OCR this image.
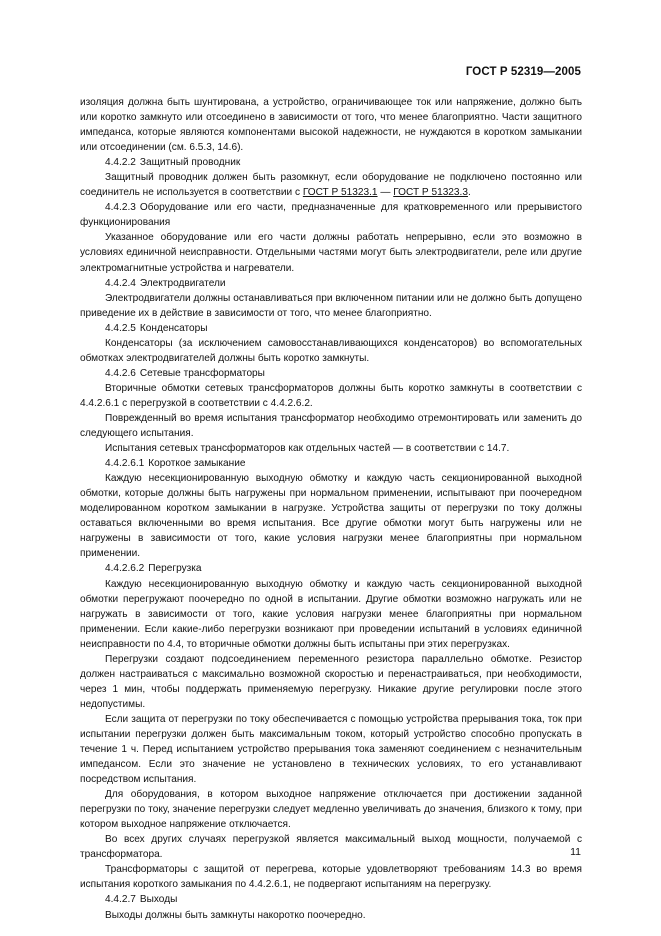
ГОСТ Р 52319—2005

изоляция должна быть шунтирована, а устройство, ограничивающее ток или напряжение, должно быть или коротко замкнуто или отсоединено в зависимости от того, что менее благоприятно. Части защитного импеданса, которые являются компонентами высокой надежности, не нуждаются в коротком замыкании или отсоединении (см. 6.5.3, 14.6).

4.4.2.2 Защитный проводник

Защитный проводник должен быть разомкнут, если оборудование не подключено постоянно или соединитель не используется в соответствии с ГОСТ Р 51323.1 — ГОСТ Р 51323.3.

4.4.2.3 Оборудование или его части, предназначенные для кратковременного или прерывистого функционирования

Указанное оборудование или его части должны работать непрерывно, если это возможно в условиях единичной неисправности. Отдельными частями могут быть электродвигатели, реле или другие электромагнитные устройства и нагреватели.

4.4.2.4 Электродвигатели

Электродвигатели должны останавливаться при включенном питании или не должно быть допущено приведение их в действие в зависимости от того, что менее благоприятно.

4.4.2.5 Конденсаторы

Конденсаторы (за исключением самовосстанавливающихся конденсаторов) во вспомогательных обмотках электродвигателей должны быть коротко замкнуты.

4.4.2.6 Сетевые трансформаторы

Вторичные обмотки сетевых трансформаторов должны быть коротко замкнуты в соответствии с 4.4.2.6.1 с перегрузкой в соответствии с 4.4.2.6.2.

Поврежденный во время испытания трансформатор необходимо отремонтировать или заменить до следующего испытания.

Испытания сетевых трансформаторов как отдельных частей — в соответствии с 14.7.

4.4.2.6.1 Короткое замыкание

Каждую несекционированную выходную обмотку и каждую часть секционированной выходной обмотки, которые должны быть нагружены при нормальном применении, испытывают при поочередном моделированном коротком замыкании в нагрузке. Устройства защиты от перегрузки по току должны оставаться включенными во время испытания. Все другие обмотки могут быть нагружены или не нагружены в зависимости от того, какие условия нагрузки менее благоприятны при нормальном применении.

4.4.2.6.2 Перегрузка

Каждую несекционированную выходную обмотку и каждую часть секционированной выходной обмотки перегружают поочередно по одной в испытании. Другие обмотки возможно нагружать или не нагружать в зависимости от того, какие условия нагрузки менее благоприятны при нормальном применении. Если какие-либо перегрузки возникают при проведении испытаний в условиях единичной неисправности по 4.4, то вторичные обмотки должны быть испытаны при этих перегрузках.

Перегрузки создают подсоединением переменного резистора параллельно обмотке. Резистор должен настраиваться с максимально возможной скоростью и перенастраиваться, при необходимости, через 1 мин, чтобы поддержать применяемую перегрузку. Никакие другие регулировки после этого недопустимы.

Если защита от перегрузки по току обеспечивается с помощью устройства прерывания тока, ток при испытании перегрузки должен быть максимальным током, который устройство способно пропускать в течение 1 ч. Перед испытанием устройство прерывания тока заменяют соединением с незначительным импедансом. Если это значение не установлено в технических условиях, то его устанавливают посредством испытания.

Для оборудования, в котором выходное напряжение отключается при достижении заданной перегрузки по току, значение перегрузки следует медленно увеличивать до значения, близкого к тому, при котором выходное напряжение отключается.

Во всех других случаях перегрузкой является максимальный выход мощности, получаемой с трансформатора.

Трансформаторы с защитой от перегрева, которые удовлетворяют требованиям 14.3 во время испытания короткого замыкания по 4.4.2.6.1, не подвергают испытаниям на перегрузку.

4.4.2.7 Выходы

Выходы должны быть замкнуты накоротко поочередно.

11
